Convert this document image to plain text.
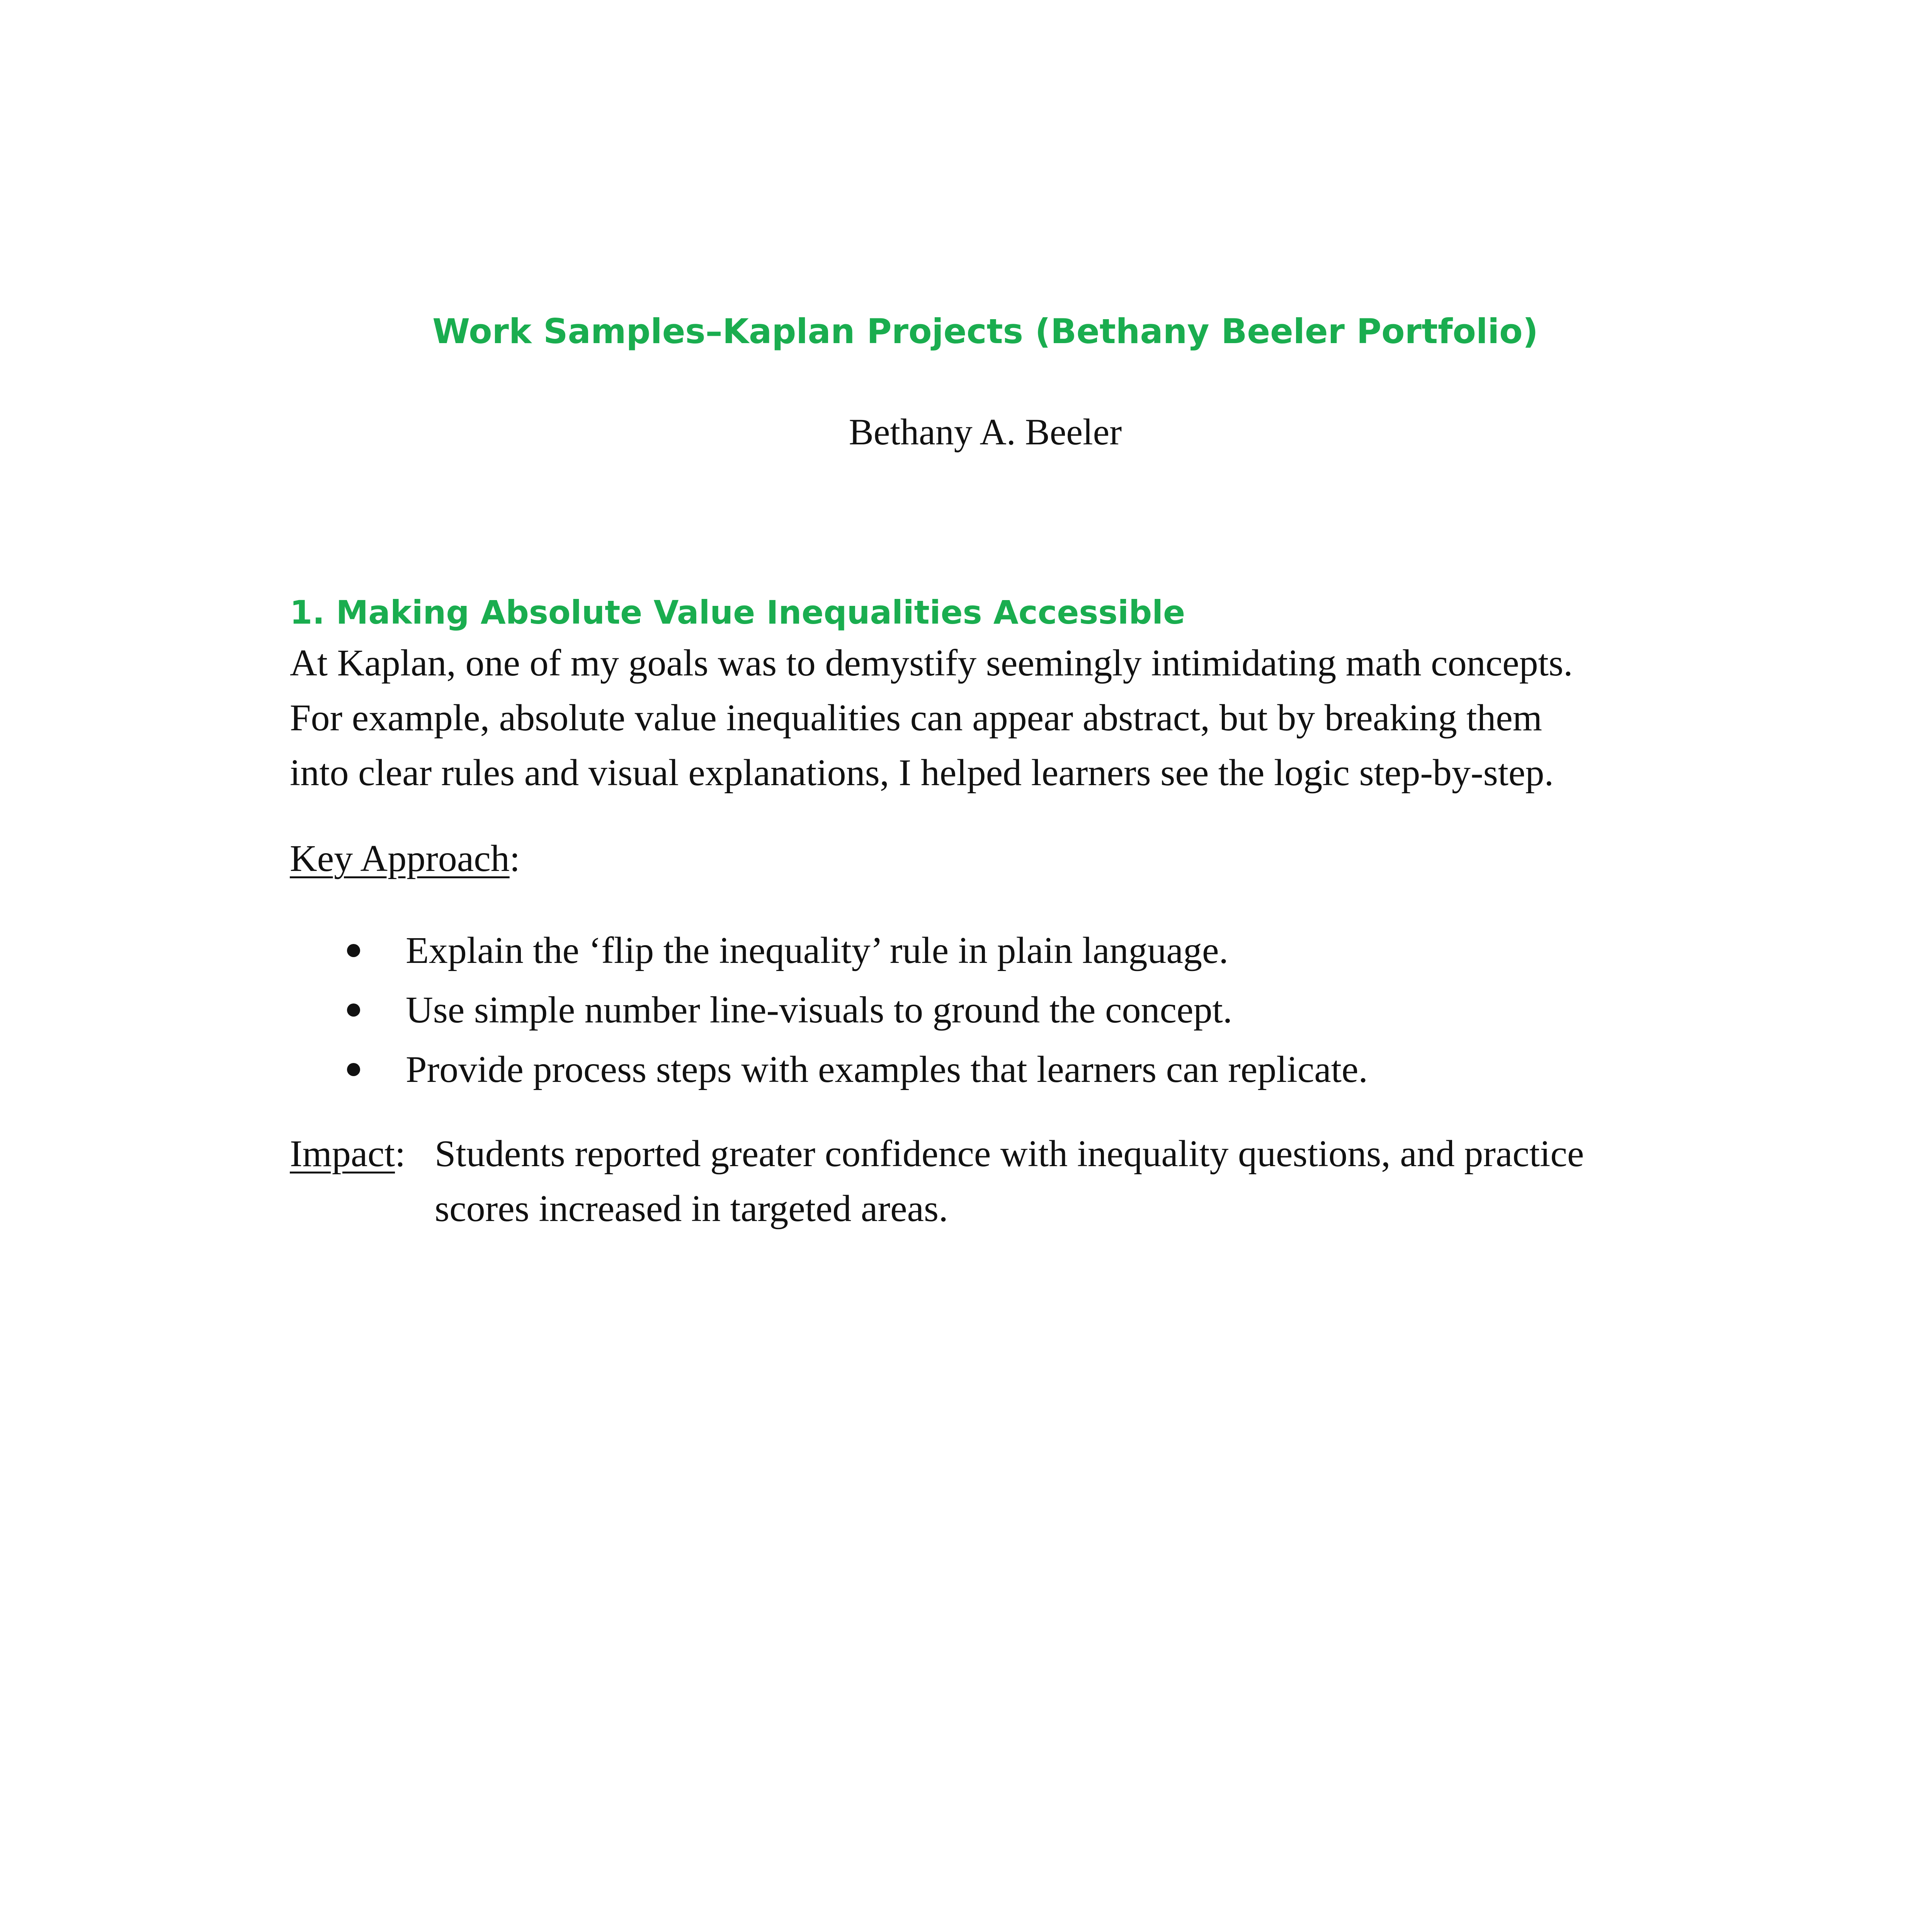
Work Samples–Kaplan Projects (Bethany Beeler Portfolio)
Bethany A. Beeler
1. Making Absolute Value Inequalities Accessible

At Kaplan, one of my goals was to demystify seemingly intimidating math concepts.
For example, absolute value inequalities can appear abstract, but by breaking them
into clear rules and visual explanations, I helped learners see the logic step-by-step.

Key Approach:

Explain the ‘flip the inequality’ rule in plain language.
Use simple number line-visuals to ground the concept.
Provide process steps with examples that learners can replicate.
Impact: Students reported greater confidence with inequality questions, and practice
scores increased in targeted areas.
